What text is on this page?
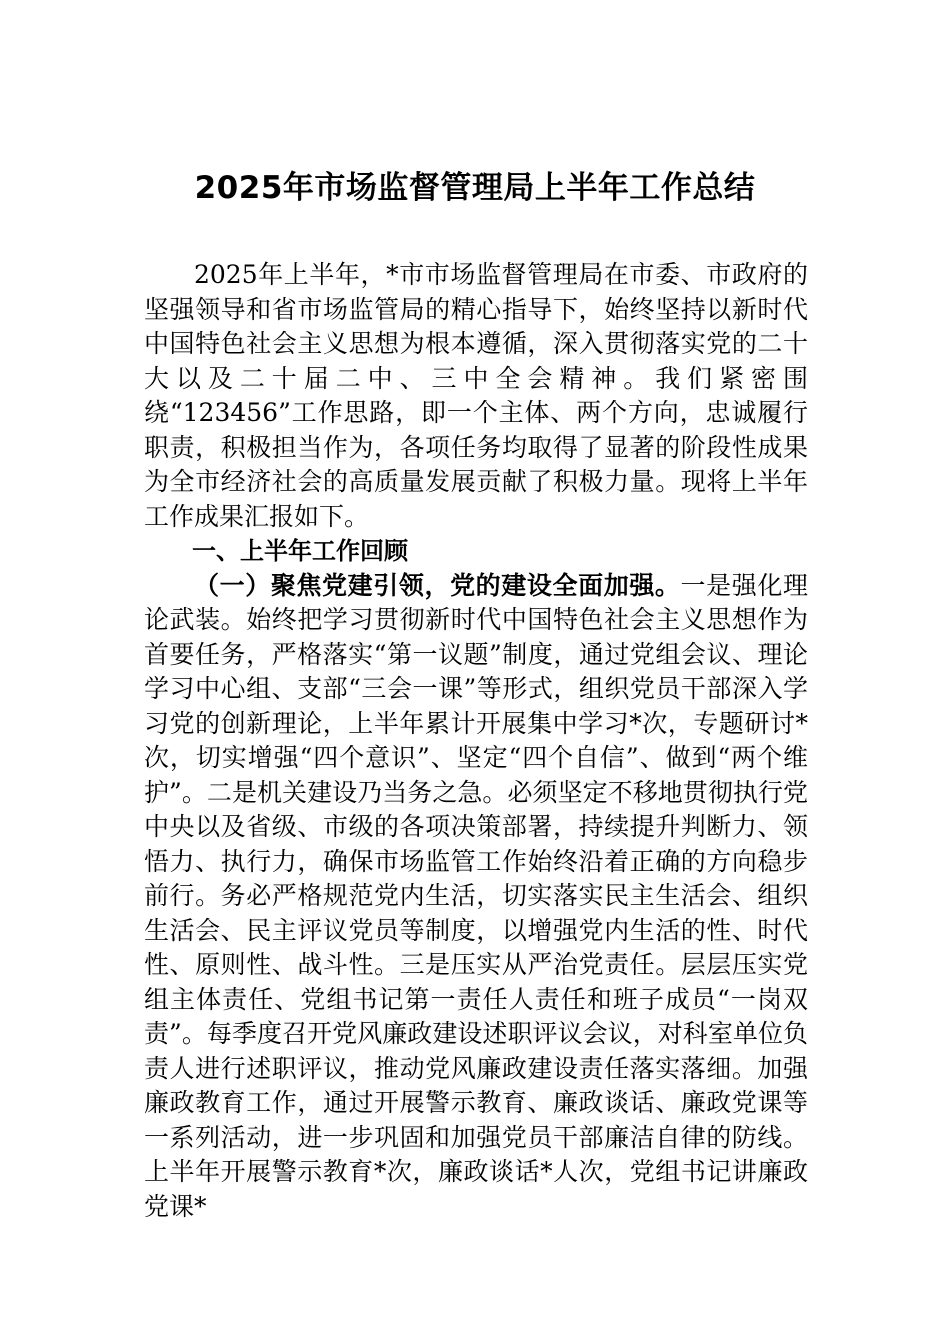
2025年市场监督管理局上半年工作总结

2025年上半年，*市市场监督管理局在市委、市政府的坚强领导和省市场监管局的精心指导下，始终坚持以新时代中国特色社会主义思想为根本遵循，深入贯彻落实党的二十大以及二十届二中、三中全会精神。我们紧密围绕“123456”工作思路，即一个主体、两个方向，忠诚履行职责，积极担当作为，各项任务均取得了显著的阶段性成果为全市经济社会的高质量发展贡献了积极力量。现将上半年工作成果汇报如下。

一、上半年工作回顾

（一）聚焦党建引领，党的建设全面加强。一是强化理论武装。始终把学习贯彻新时代中国特色社会主义思想作为首要任务，严格落实“第一议题”制度，通过党组会议、理论学习中心组、支部“三会一课”等形式，组织党员干部深入学习党的创新理论，上半年累计开展集中学习*次，专题研讨*次，切实增强“四个意识”、坚定“四个自信”、做到“两个维护”。二是机关建设乃当务之急。必须坚定不移地贯彻执行党中央以及省级、市级的各项决策部署，持续提升判断力、领悟力、执行力，确保市场监管工作始终沿着正确的方向稳步前行。务必严格规范党内生活，切实落实民主生活会、组织生活会、民主评议党员等制度，以增强党内生活的性、时代性、原则性、战斗性。三是压实从严治党责任。层层压实党组主体责任、党组书记第一责任人责任和班子成员“一岗双责”。每季度召开党风廉政建设述职评议会议，对科室单位负责人进行述职评议，推动党风廉政建设责任落实落细。加强廉政教育工作，通过开展警示教育、廉政谈话、廉政党课等一系列活动，进一步巩固和加强党员干部廉洁自律的防线。上半年开展警示教育*次，廉政谈话*人次，党组书记讲廉政党课*
